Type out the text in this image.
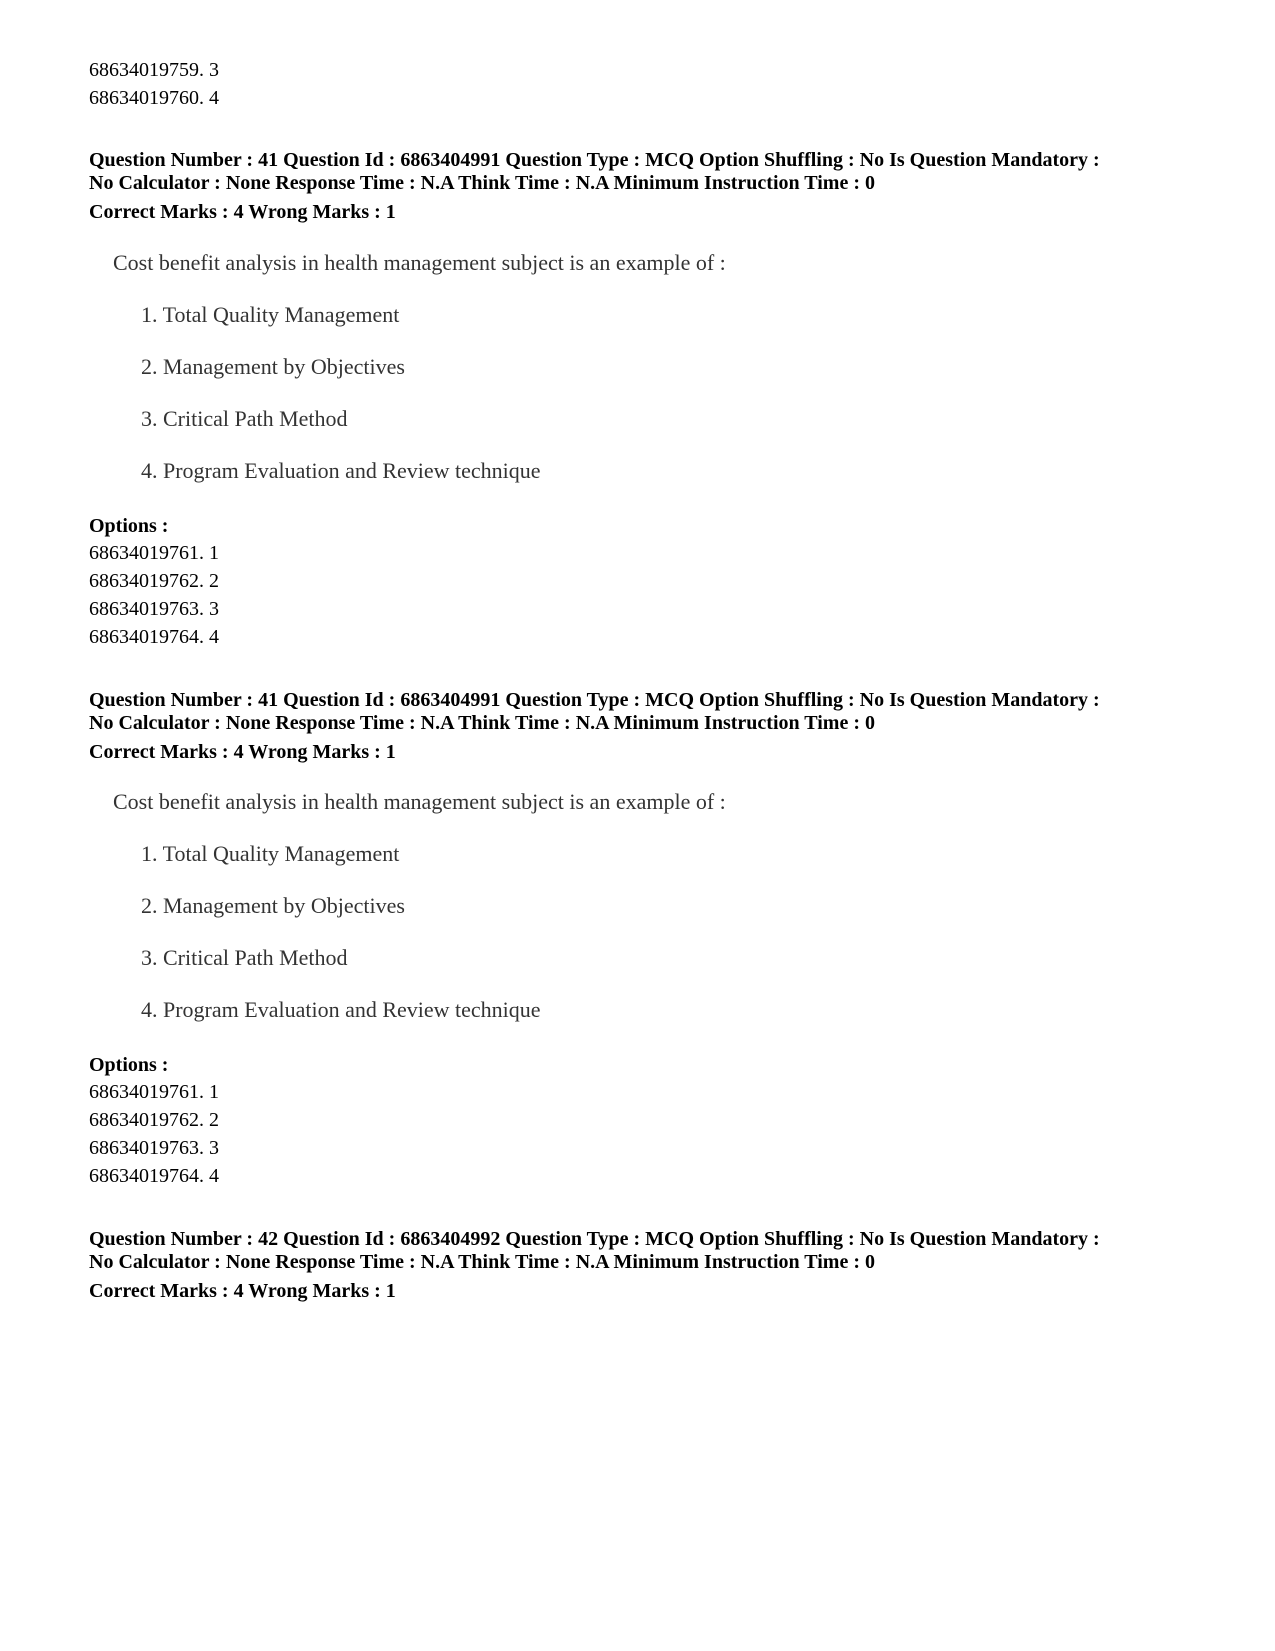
68634019759. 3
68634019760. 4
Question Number : 41 Question Id : 6863404991 Question Type : MCQ Option Shuffling : No Is Question Mandatory :
No Calculator : None Response Time : N.A Think Time : N.A Minimum Instruction Time : 0
Correct Marks : 4 Wrong Marks : 1
Cost benefit analysis in health management subject is an example of :
1. Total Quality Management
2. Management by Objectives
3. Critical Path Method
4. Program Evaluation and Review technique
Options :
68634019761. 1
68634019762. 2
68634019763. 3
68634019764. 4
Question Number : 41 Question Id : 6863404991 Question Type : MCQ Option Shuffling : No Is Question Mandatory :
No Calculator : None Response Time : N.A Think Time : N.A Minimum Instruction Time : 0
Correct Marks : 4 Wrong Marks : 1
Cost benefit analysis in health management subject is an example of :
1. Total Quality Management
2. Management by Objectives
3. Critical Path Method
4. Program Evaluation and Review technique
Options :
68634019761. 1
68634019762. 2
68634019763. 3
68634019764. 4
Question Number : 42 Question Id : 6863404992 Question Type : MCQ Option Shuffling : No Is Question Mandatory :
No Calculator : None Response Time : N.A Think Time : N.A Minimum Instruction Time : 0
Correct Marks : 4 Wrong Marks : 1
